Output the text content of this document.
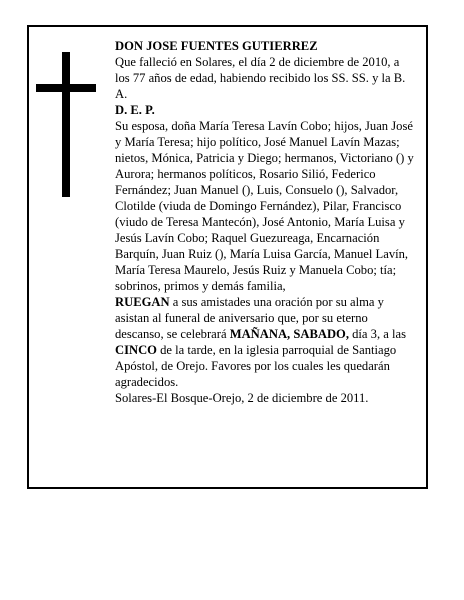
DON JOSE FUENTES GUTIERREZ

Que falleció en Solares, el día 2 de diciembre de 2010, a los 77 años de edad, habiendo recibido los SS. SS. y la B. A.

D. E. P.

Su esposa, doña María Teresa Lavín Cobo; hijos, Juan José y María Teresa; hijo político, José Manuel Lavín Mazas; nietos, Mónica, Patricia y Diego; hermanos, Victoriano () y Aurora; hermanos políticos, Rosario Silió, Federico Fernández; Juan Manuel (), Luis, Consuelo (), Salvador, Clotilde (viuda de Domingo Fernández), Pilar, Francisco (viudo de Teresa Mantecón), José Antonio, María Luisa y Jesús Lavín Cobo; Raquel Guezureaga, Encarnación Barquín, Juan Ruiz (), María Luisa García, Manuel Lavín, María Teresa Maurelo, Jesús Ruiz y Manuela Cobo; tía; sobrinos, primos y demás familia,

RUEGAN a sus amistades una oración por su alma y asistan al funeral de aniversario que, por su eterno descanso, se celebrará MAÑANA, SABADO, día 3, a las CINCO de la tarde, en la iglesia parroquial de Santiago Apóstol, de Orejo. Favores por los cuales les quedarán agradecidos.

Solares-El Bosque-Orejo, 2 de diciembre de 2011.
